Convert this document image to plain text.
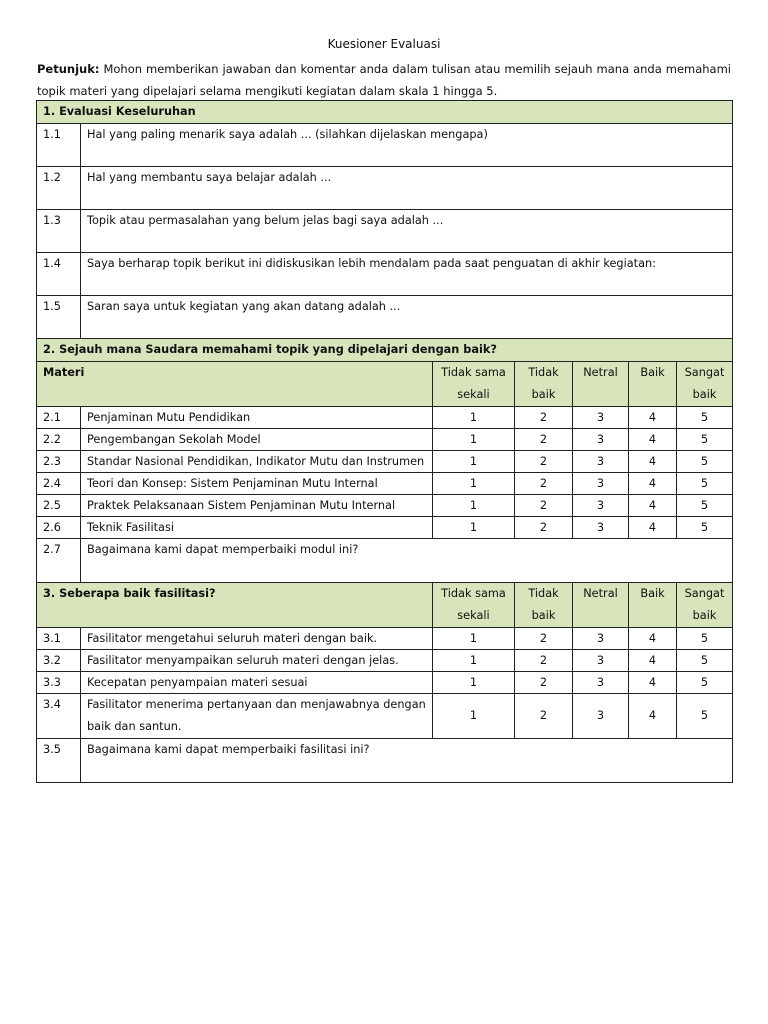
Kuesioner Evaluasi
Petunjuk: Mohon memberikan jawaban dan komentar anda dalam tulisan atau memilih sejauh mana anda memahami topik materi yang dipelajari selama mengikuti kegiatan dalam skala 1 hingga 5.
1. Evaluasi Keseluruhan						
1.1	Hal yang paling menarik saya adalah ... (silahkan dijelaskan mengapa)					
1.2	Hal yang membantu saya belajar adalah ...					
1.3	Topik atau permasalahan yang belum jelas bagi saya adalah ...					
1.4	Saya berharap topik berikut ini didiskusikan lebih mendalam pada saat penguatan di akhir kegiatan:					
1.5	Saran saya untuk kegiatan yang akan datang adalah ...					
2. Sejauh mana Saudara memahami topik yang dipelajari dengan baik?						
Materi		Tidak sama sekali	Tidak baik	Netral	Baik	Sangat baik
2.1	Penjaminan Mutu Pendidikan	1	2	3	4	5
2.2	Pengembangan Sekolah Model	1	2	3	4	5
2.3	Standar Nasional Pendidikan, Indikator Mutu dan Instrumen	1	2	3	4	5
2.4	Teori dan Konsep: Sistem Penjaminan Mutu Internal	1	2	3	4	5
2.5	Praktek Pelaksanaan Sistem Penjaminan Mutu Internal	1	2	3	4	5
2.6	Teknik Fasilitasi	1	2	3	4	5
2.7	Bagaimana kami dapat memperbaiki modul ini?					
3. Seberapa baik fasilitasi?		Tidak sama sekali	Tidak baik	Netral	Baik	Sangat baik
3.1	Fasilitator mengetahui seluruh materi dengan baik.	1	2	3	4	5
3.2	Fasilitator menyampaikan seluruh materi dengan jelas.	1	2	3	4	5
3.3	Kecepatan penyampaian materi sesuai	1	2	3	4	5
3.4	Fasilitator menerima pertanyaan dan menjawabnya dengan baik dan santun.	1	2	3	4	5
3.5	Bagaimana kami dapat memperbaiki fasilitasi ini?					
